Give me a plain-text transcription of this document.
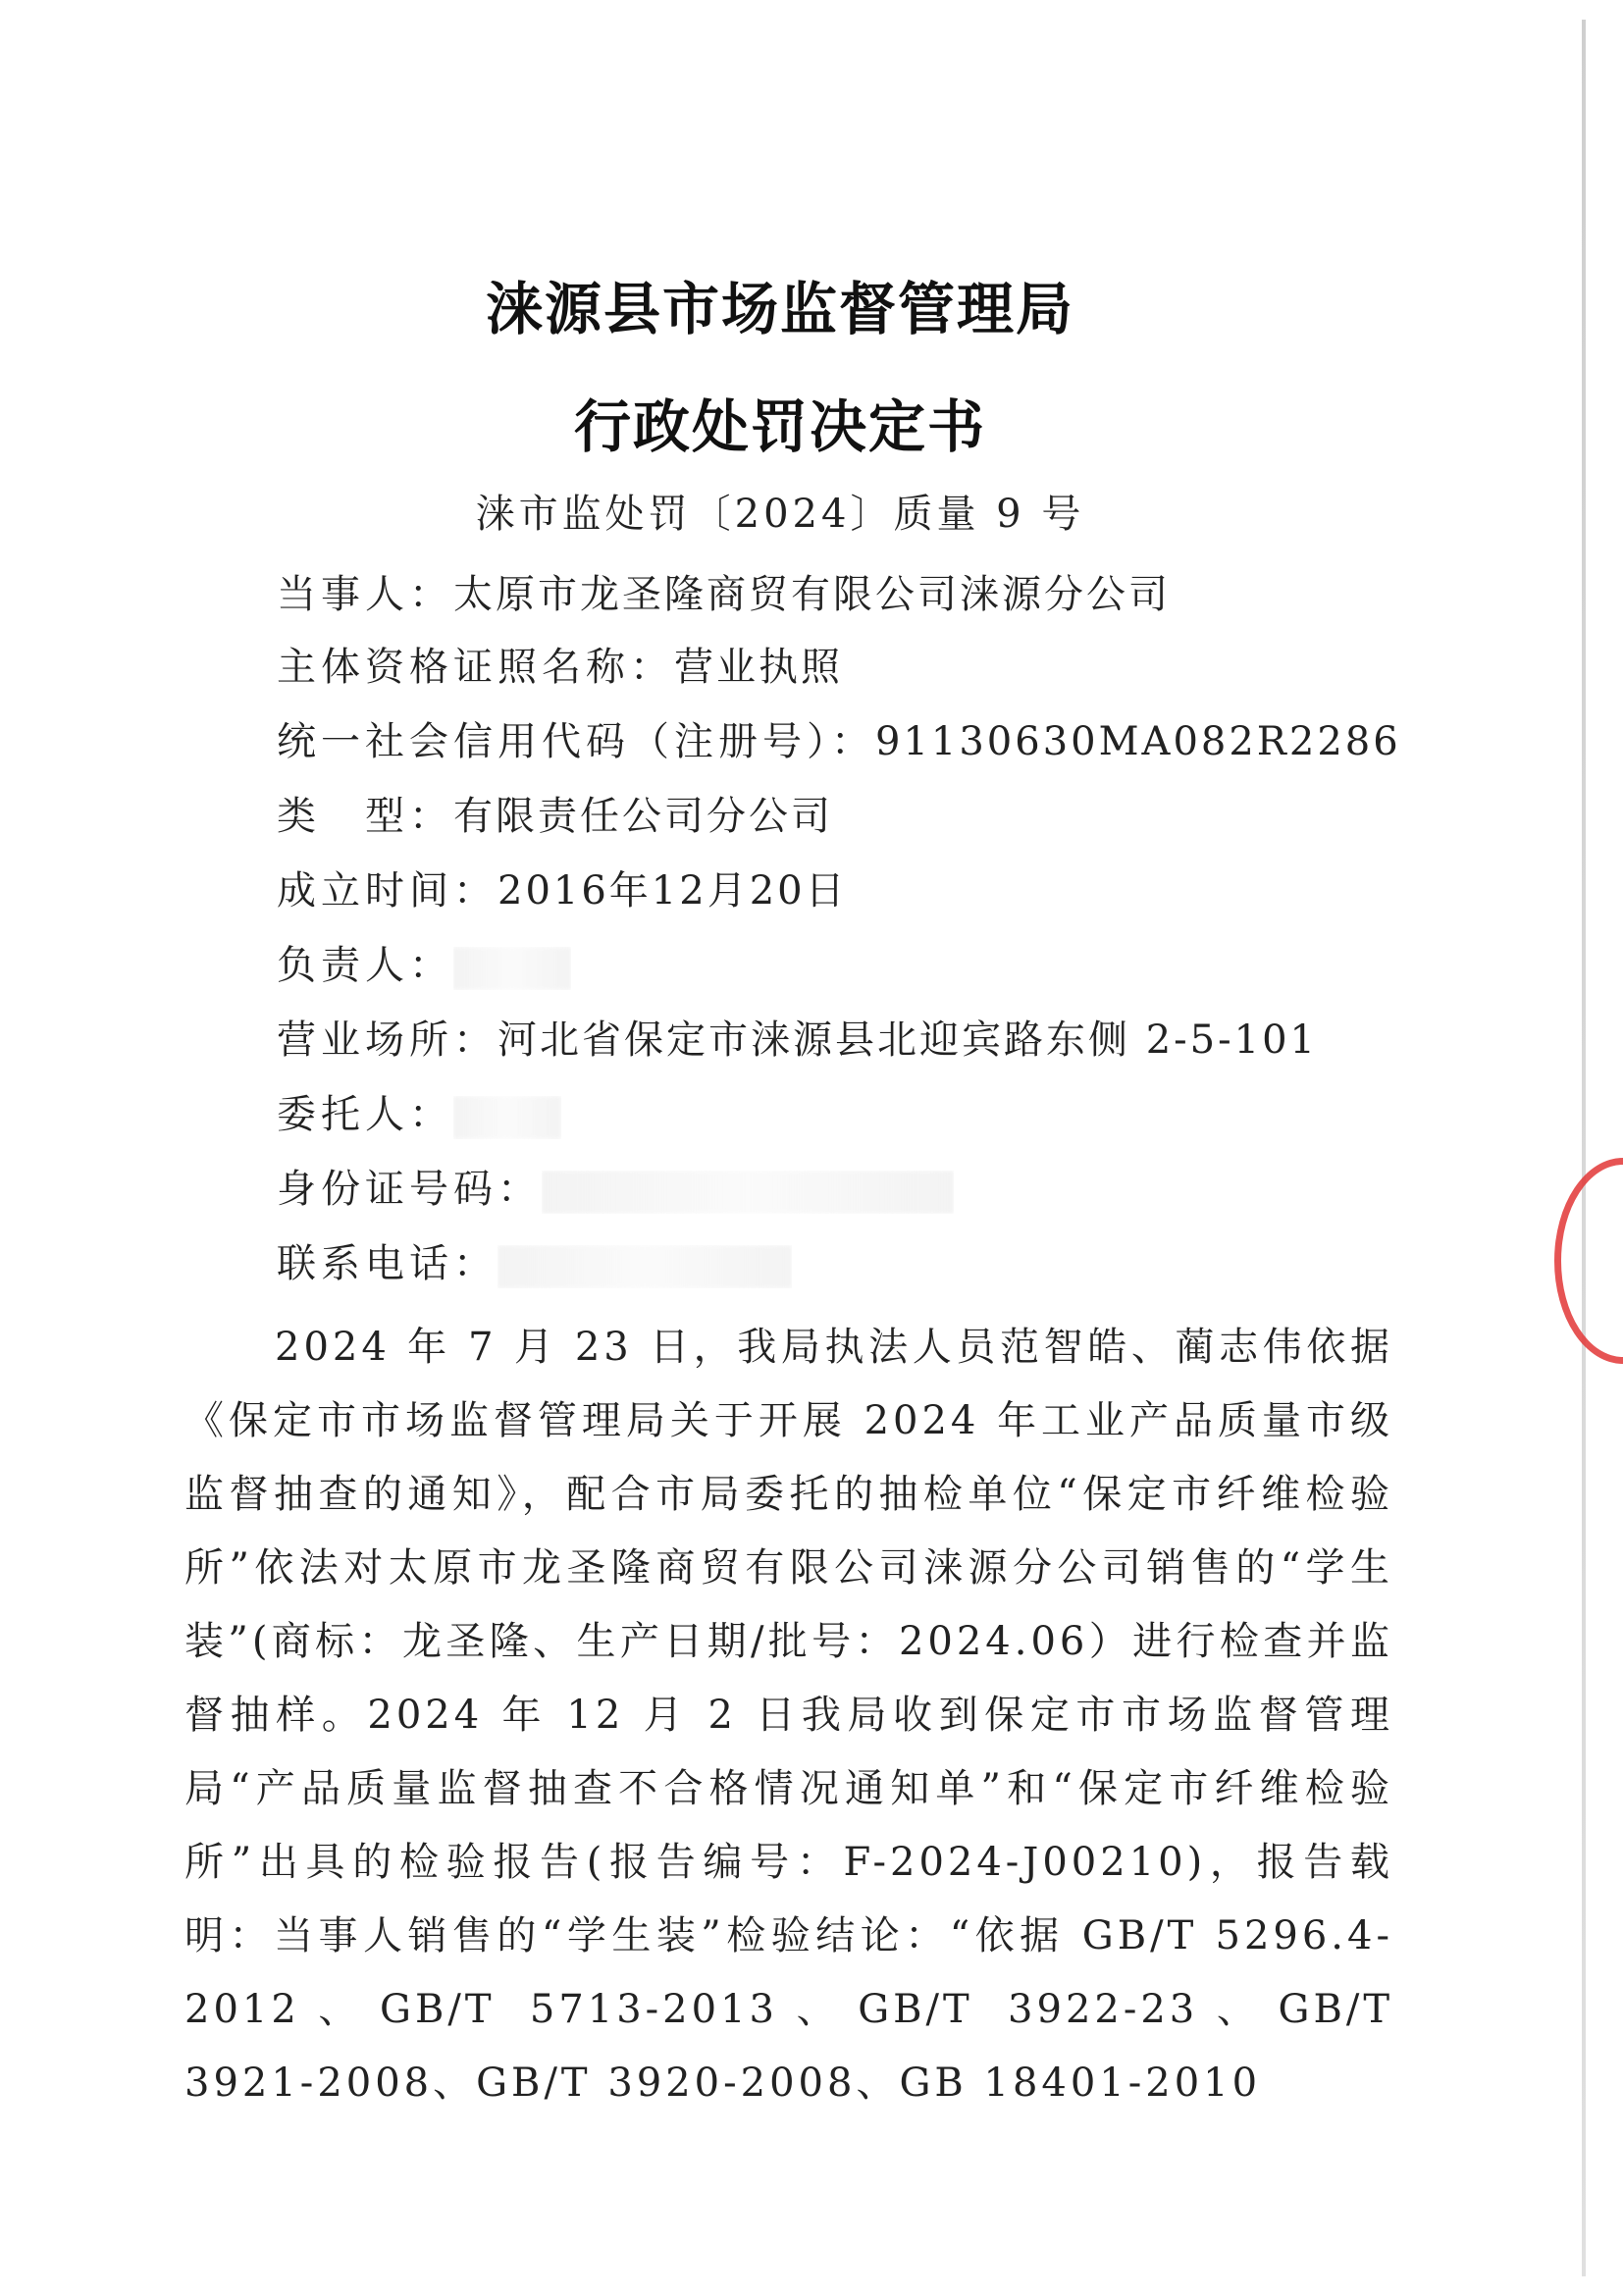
涞源县市场监督管理局
行政处罚决定书
涞市监处罚〔2024〕质量 9 号
当事人：太原市龙圣隆商贸有限公司涞源分公司
主体资格证照名称：营业执照
统一社会信用代码（注册号）：91130630MA082R2286
类　型：有限责任公司分公司
成立时间：2016年12月20日
负责人：
营业场所：河北省保定市涞源县北迎宾路东侧 2-5-101
委托人：
身份证号码：
联系电话：
2024 年 7 月 23 日，我局执法人员范智皓、蔺志伟依据《保定市市场监督管理局关于开展 2024 年工业产品质量市级监督抽查的通知》，配合市局委托的抽检单位“保定市纤维检验所”依法对太原市龙圣隆商贸有限公司涞源分公司销售的“学生装”(商标：龙圣隆、生产日期/批号：2024.06）进行检查并监督抽样。2024 年 12 月 2 日我局收到保定市市场监督管理局“产品质量监督抽查不合格情况通知单”和“保定市纤维检验所”出具的检验报告(报告编号：F-2024-J00210)，报告载明：当事人销售的“学生装”检验结论：“依据 GB/T 5296.4-2012、GB/T 5713-2013、GB/T 3922-23、GB/T 3921-2008、GB/T 3920-2008、GB 18401-2010
